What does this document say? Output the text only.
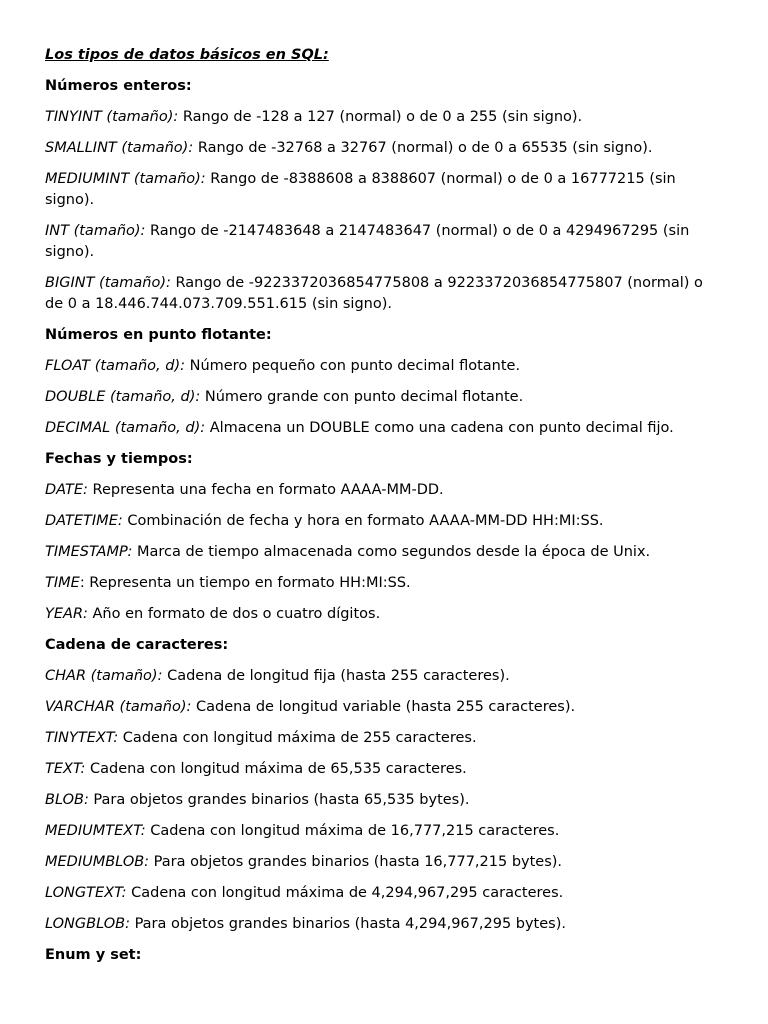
Los tipos de datos básicos en SQL:
Números enteros:
TINYINT (tamaño): Rango de -128 a 127 (normal) o de 0 a 255 (sin signo).
SMALLINT (tamaño): Rango de -32768 a 32767 (normal) o de 0 a 65535 (sin signo).
MEDIUMINT (tamaño): Rango de -8388608 a 8388607 (normal) o de 0 a 16777215 (sin signo).
INT (tamaño): Rango de -2147483648 a 2147483647 (normal) o de 0 a 4294967295 (sin signo).
BIGINT (tamaño): Rango de -9223372036854775808 a 9223372036854775807 (normal) o de 0 a 18.446.744.073.709.551.615 (sin signo).
Números en punto flotante:
FLOAT (tamaño, d): Número pequeño con punto decimal flotante.
DOUBLE (tamaño, d): Número grande con punto decimal flotante.
DECIMAL (tamaño, d): Almacena un DOUBLE como una cadena con punto decimal fijo.
Fechas y tiempos:
DATE: Representa una fecha en formato AAAA-MM-DD.
DATETIME: Combinación de fecha y hora en formato AAAA-MM-DD HH:MI:SS.
TIMESTAMP: Marca de tiempo almacenada como segundos desde la época de Unix.
TIME: Representa un tiempo en formato HH:MI:SS.
YEAR: Año en formato de dos o cuatro dígitos.
Cadena de caracteres:
CHAR (tamaño): Cadena de longitud fija (hasta 255 caracteres).
VARCHAR (tamaño): Cadena de longitud variable (hasta 255 caracteres).
TINYTEXT: Cadena con longitud máxima de 255 caracteres.
TEXT: Cadena con longitud máxima de 65,535 caracteres.
BLOB: Para objetos grandes binarios (hasta 65,535 bytes).
MEDIUMTEXT: Cadena con longitud máxima de 16,777,215 caracteres.
MEDIUMBLOB: Para objetos grandes binarios (hasta 16,777,215 bytes).
LONGTEXT: Cadena con longitud máxima de 4,294,967,295 caracteres.
LONGBLOB: Para objetos grandes binarios (hasta 4,294,967,295 bytes).
Enum y set:
